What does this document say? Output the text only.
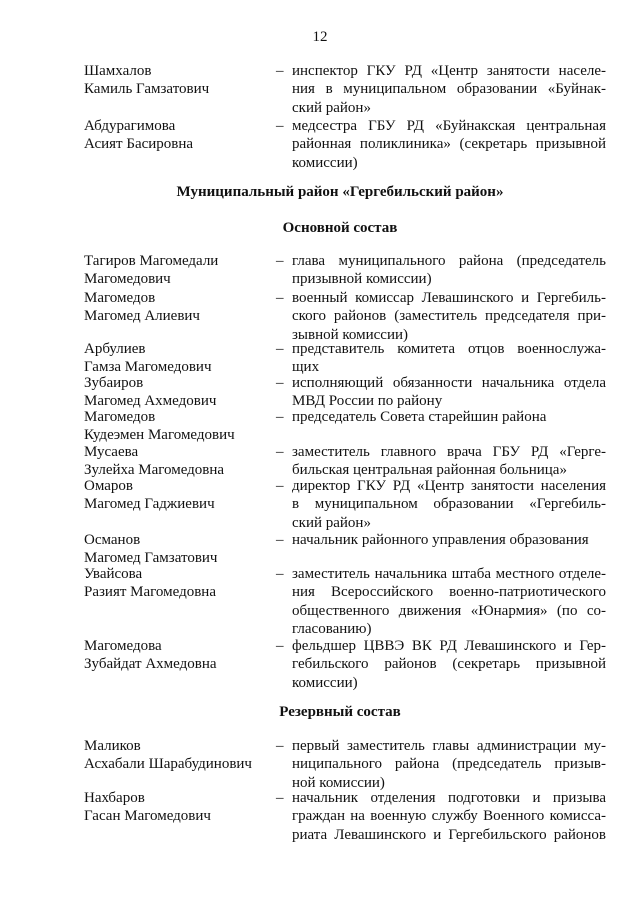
12
Шамхалов
Камиль Гамзатович
– инспектор ГКУ РД «Центр занятости населе-
ния в муниципальном образовании «Буйнак-
ский район»
Абдурагимова
Асият Басировна
– медсестра ГБУ РД «Буйнакская центральная
районная поликлиника» (секретарь призывной
комиссии)
Муниципальный район «Гергебильский район»
Основной состав
Тагиров Магомедали
Магомедович
– глава муниципального района (председатель
призывной комиссии)
Магомедов
Магомед Алиевич
– военный комиссар Левашинского и Гергебиль-
ского районов (заместитель председателя при-
зывной комиссии)
Арбулиев
Гамза Магомедович
– представитель комитета отцов военнослужа-
щих
Зубаиров
Магомед Ахмедович
– исполняющий обязанности начальника отдела
МВД России по району
Магомедов
Кудеэмен Магомедович
– председатель Совета старейшин района
Мусаева
Зулейха Магомедовна
– заместитель главного врача ГБУ РД «Герге-
бильская центральная районная больница»
Омаров
Магомед Гаджиевич
– директор ГКУ РД «Центр занятости населения
в муниципальном образовании «Гергебиль-
ский район»
Османов
Магомед Гамзатович
– начальник районного управления образования
Увайсова
Разият Магомедовна
– заместитель начальника штаба местного отделе-
ния Всероссийского военно-патриотического
общественного движения «Юнармия» (по со-
гласованию)
Магомедова
Зубайдат Ахмедовна
– фельдшер ЦВВЭ ВК РД Левашинского и Гер-
гебильского районов (секретарь призывной
комиссии)
Резервный состав
Маликов
Асхабали Шарабудинович
– первый заместитель главы администрации му-
ниципального района (председатель призыв-
ной комиссии)
Нахбаров
Гасан Магомедович
– начальник отделения подготовки и призыва
граждан на военную службу Военного комисса-
риата Левашинского и Гергебильского районов
